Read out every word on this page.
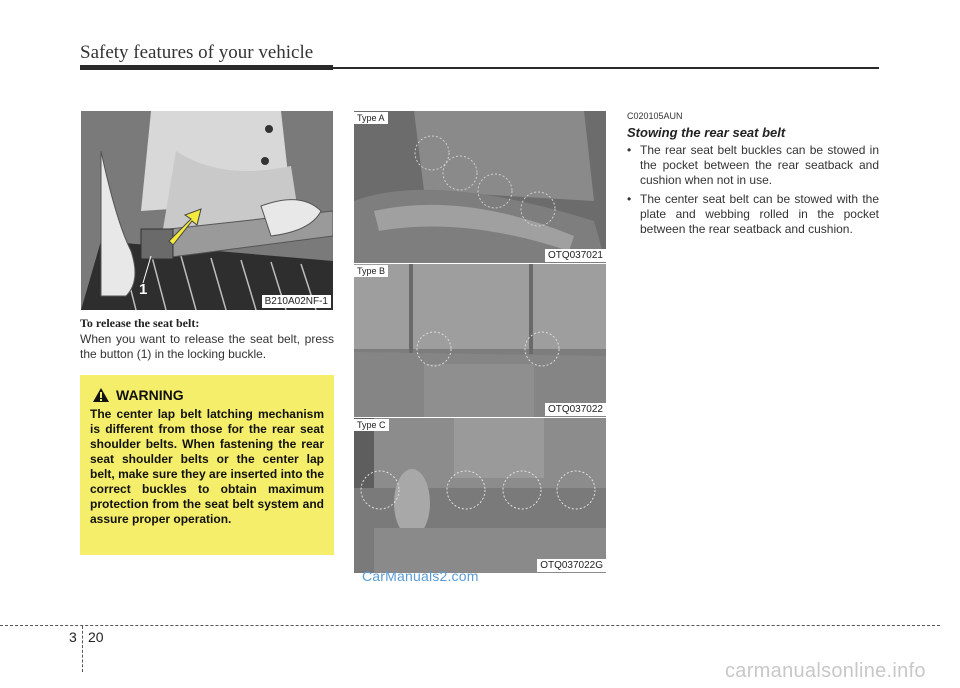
Safety features of your vehicle
1
B210A02NF-1
Type A
OTQ037021
Type B
OTQ037022
Type C
OTQ037022G
To release the seat belt:
When you want to release the seat belt, press the button (1) in the locking buckle.
WARNING
The center lap belt latching mechanism is different from those for the rear seat shoulder belts. When fastening the rear seat shoulder belts or the center lap belt, make sure they are inserted into the correct buckles to obtain maximum protection from the seat belt system and assure proper operation.
C020105AUN
Stowing the rear seat belt
• The rear seat belt buckles can be stowed in the pocket between the rear seatback and cushion when not in use.
• The center seat belt can be stowed with the plate and webbing rolled in the pocket between the rear seatback and cushion.
CarManuals2.com
3 20
carmanualsonline.info
